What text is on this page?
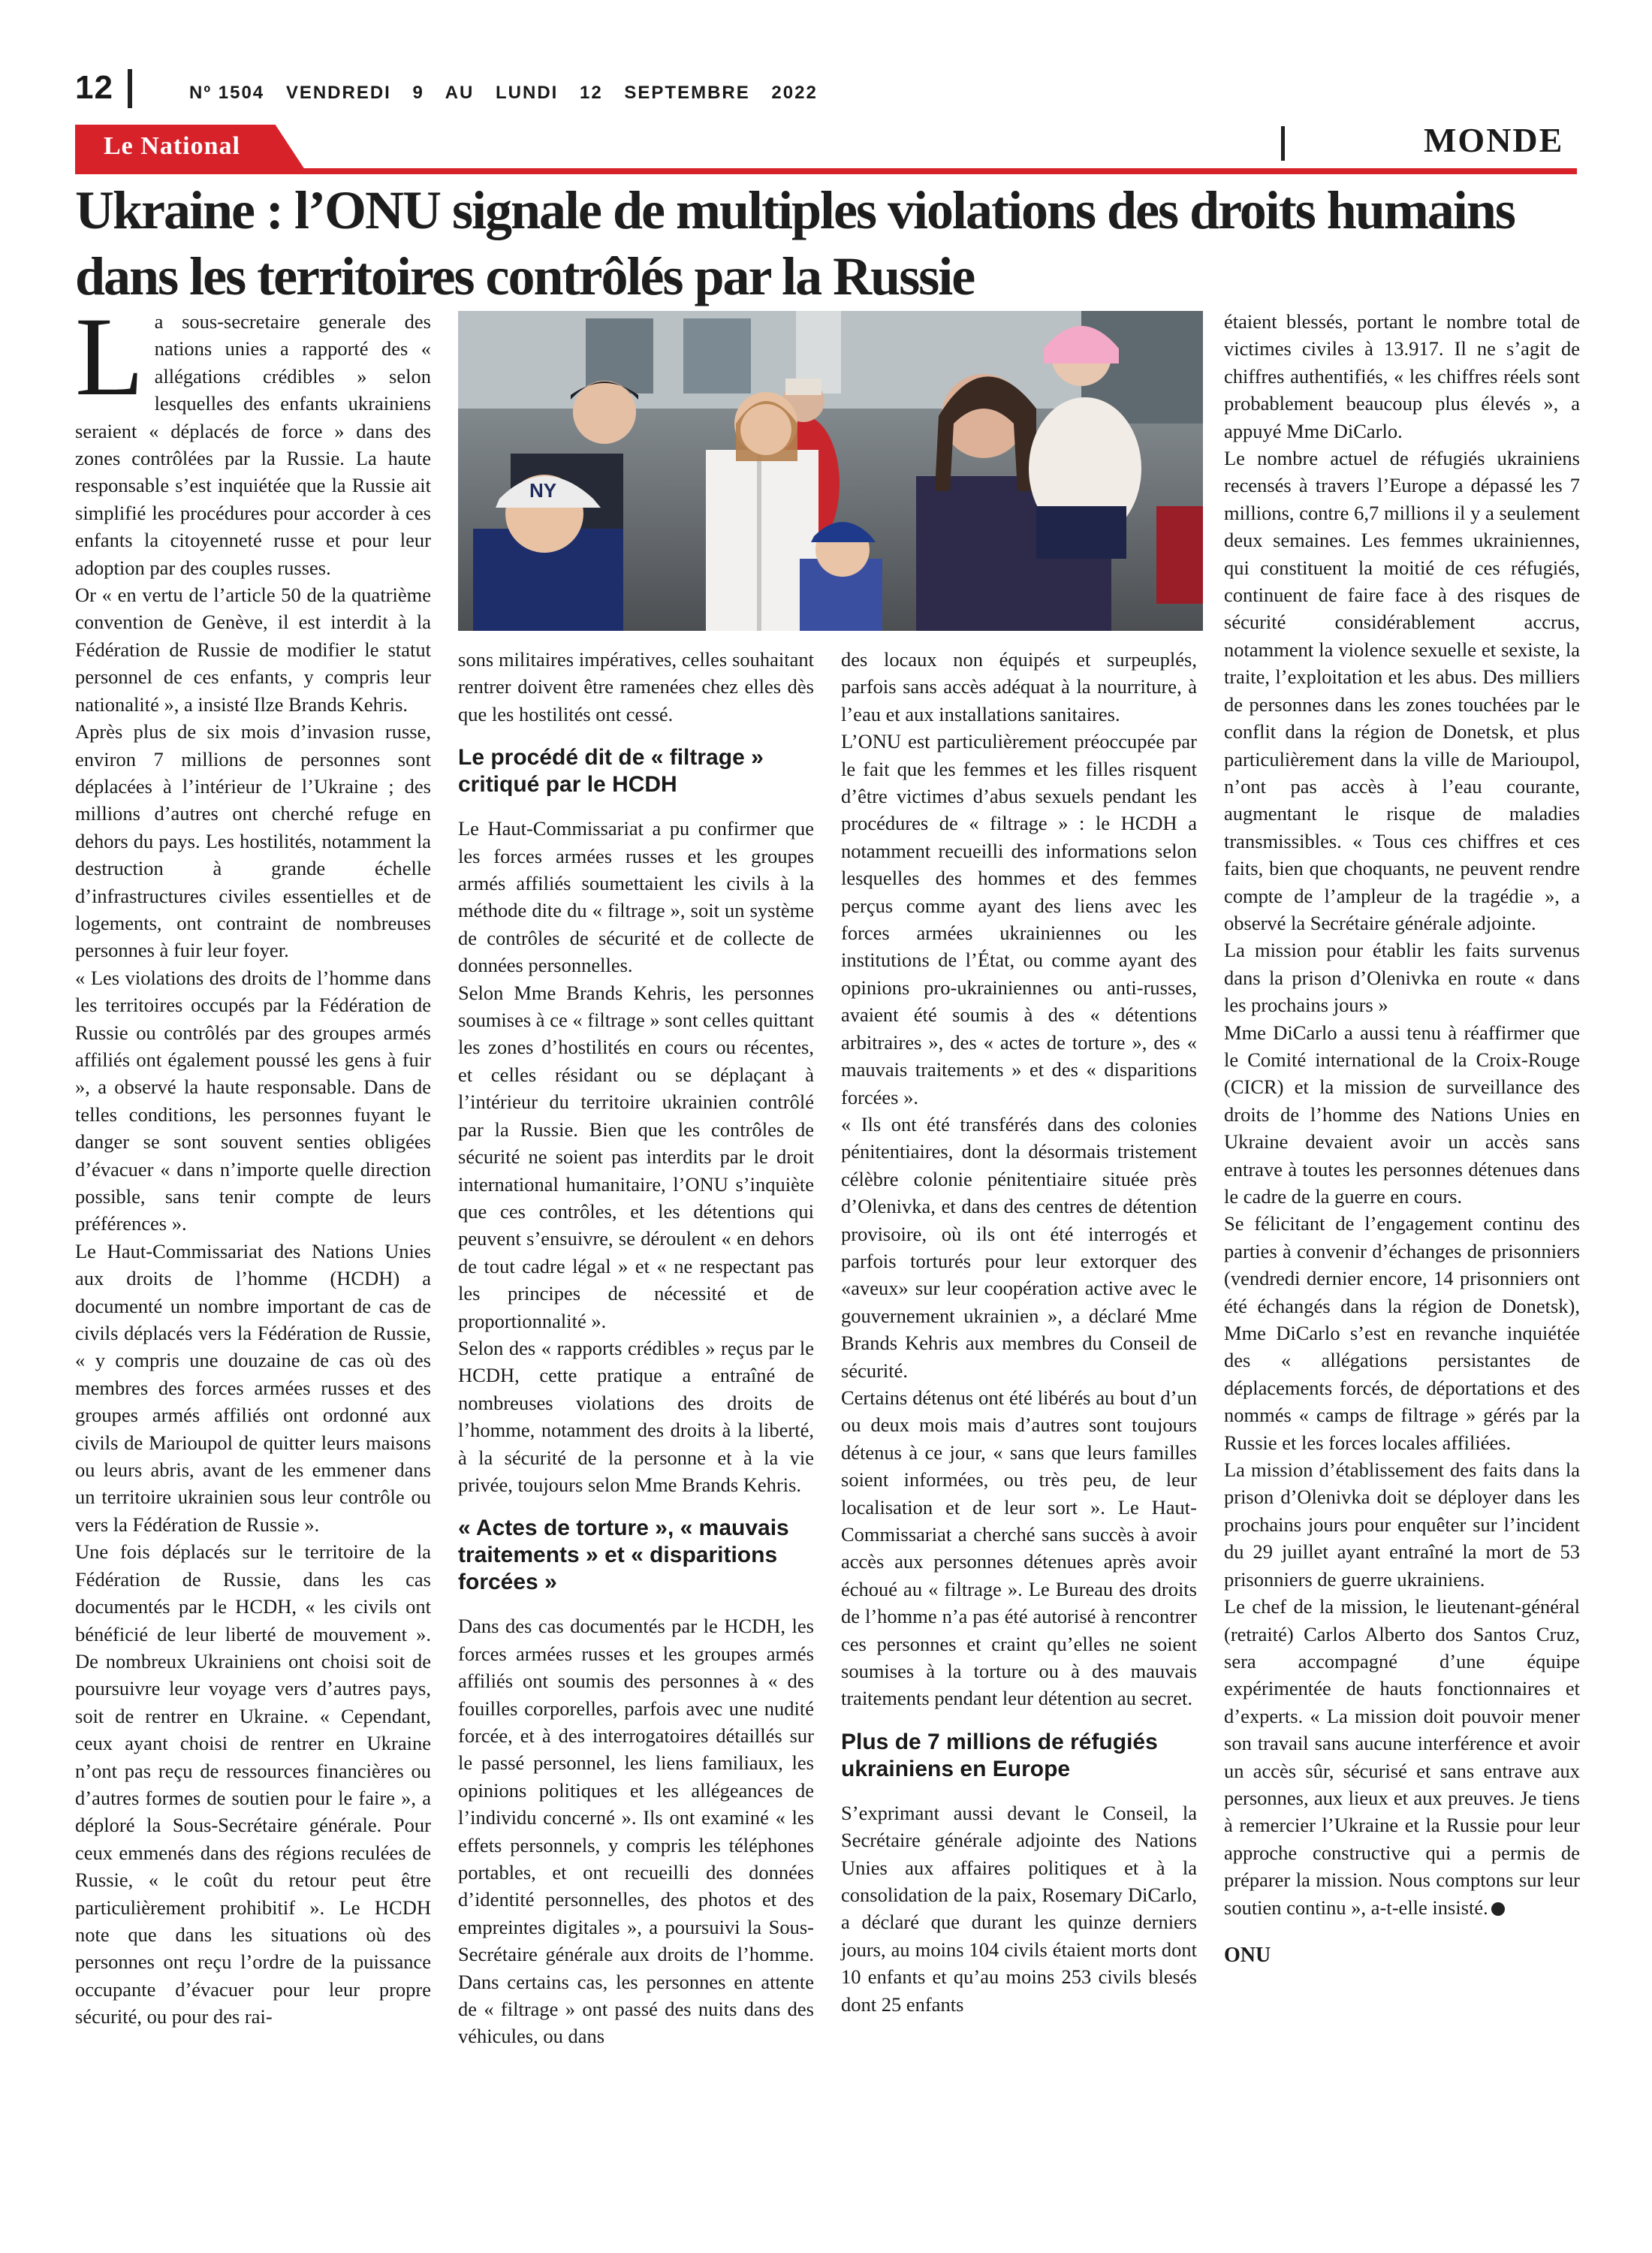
12	Nº 1504 VENDREDI 9 AU LUNDI 12 SEPTEMBRE 2022
Le National	MONDE
Ukraine : l’ONU signale de multiples violations des droits humains dans les territoires contrôlés par la Russie
NY

La sous-secretaire generale des nations unies a rapporté des « allégations crédibles » selon lesquelles des enfants ukrainiens seraient « déplacés de force » dans des zones contrôlées par la Russie. La haute responsable s’est inquiétée que la Russie ait simplifié les procédures pour accorder à ces enfants la citoyenneté russe et pour leur adoption par des couples russes.

Or « en vertu de l’article 50 de la quatrième convention de Genève, il est interdit à la Fédération de Russie de modifier le statut personnel de ces enfants, y compris leur nationalité », a insisté Ilze Brands Kehris.

Après plus de six mois d’invasion russe, environ 7 millions de personnes sont déplacées à l’intérieur de l’Ukraine ; des millions d’autres ont cherché refuge en dehors du pays. Les hostilités, notamment la destruction à grande échelle d’infrastructures civiles essentielles et de logements, ont contraint de nombreuses personnes à fuir leur foyer.

« Les violations des droits de l’homme dans les territoires occupés par la Fédération de Russie ou contrôlés par des groupes armés affiliés ont également poussé les gens à fuir », a observé la haute responsable. Dans de telles conditions, les personnes fuyant le danger se sont souvent senties obligées d’évacuer « dans n’importe quelle direction possible, sans tenir compte de leurs préférences ».

Le Haut-Commissariat des Nations Unies aux droits de l’homme (HCDH) a documenté un nombre important de cas de civils déplacés vers la Fédération de Russie, « y compris une douzaine de cas où des membres des forces armées russes et des groupes armés affiliés ont ordonné aux civils de Marioupol de quitter leurs maisons ou leurs abris, avant de les emmener dans un territoire ukrainien sous leur contrôle ou vers la Fédération de Russie ».

Une fois déplacés sur le territoire de la Fédération de Russie, dans les cas documentés par le HCDH, « les civils ont bénéficié de leur liberté de mouvement ». De nombreux Ukrainiens ont choisi soit de poursuivre leur voyage vers d’autres pays, soit de rentrer en Ukraine. « Cependant, ceux ayant choisi de rentrer en Ukraine n’ont pas reçu de ressources financières ou d’autres formes de soutien pour le faire », a déploré la Sous-Secrétaire générale. Pour ceux emmenés dans des régions reculées de Russie, « le coût du retour peut être particulièrement prohibitif ». Le HCDH note que dans les situations où des personnes ont reçu l’ordre de la puissance occupante d’évacuer pour leur propre sécurité, ou pour des rai-

sons militaires impératives, celles souhaitant rentrer doivent être ramenées chez elles dès que les hostilités ont cessé.

Le procédé dit de « filtrage » critiqué par le HCDH

Le Haut-Commissariat a pu confirmer que les forces armées russes et les groupes armés affiliés soumettaient les civils à la méthode dite du « filtrage », soit un système de contrôles de sécurité et de collecte de données personnelles.

Selon Mme Brands Kehris, les personnes soumises à ce « filtrage » sont celles quittant les zones d’hostilités en cours ou récentes, et celles résidant ou se déplaçant à l’intérieur du territoire ukrainien contrôlé par la Russie. Bien que les contrôles de sécurité ne soient pas interdits par le droit international humanitaire, l’ONU s’inquiète que ces contrôles, et les détentions qui peuvent s’ensuivre, se déroulent « en dehors de tout cadre légal » et « ne respectant pas les principes de nécessité et de proportionnalité ».

Selon des « rapports crédibles » reçus par le HCDH, cette pratique a entraîné de nombreuses violations des droits de l’homme, notamment des droits à la liberté, à la sécurité de la personne et à la vie privée, toujours selon Mme Brands Kehris.

« Actes de torture », « mauvais traitements » et « disparitions forcées »

Dans des cas documentés par le HCDH, les forces armées russes et les groupes armés affiliés ont soumis des personnes à « des fouilles corporelles, parfois avec une nudité forcée, et à des interrogatoires détaillés sur le passé personnel, les liens familiaux, les opinions politiques et les allégeances de l’individu concerné ». Ils ont examiné « les effets personnels, y compris les téléphones portables, et ont recueilli des données d’identité personnelles, des photos et des empreintes digitales », a poursuivi la Sous-Secrétaire générale aux droits de l’homme. Dans certains cas, les personnes en attente de « filtrage » ont passé des nuits dans des véhicules, ou dans

des locaux non équipés et surpeuplés, parfois sans accès adéquat à la nourriture, à l’eau et aux installations sanitaires.

L’ONU est particulièrement préoccupée par le fait que les femmes et les filles risquent d’être victimes d’abus sexuels pendant les procédures de « filtrage » : le HCDH a notamment recueilli des informations selon lesquelles des hommes et des femmes perçus comme ayant des liens avec les forces armées ukrainiennes ou les institutions de l’État, ou comme ayant des opinions pro-ukrainiennes ou anti-russes, avaient été soumis à des « détentions arbitraires », des « actes de torture », des « mauvais traitements » et des « disparitions forcées ».

« Ils ont été transférés dans des colonies pénitentiaires, dont la désormais tristement célèbre colonie pénitentiaire située près d’Olenivka, et dans des centres de détention provisoire, où ils ont été interrogés et parfois torturés pour leur extorquer des «aveux» sur leur coopération active avec le gouvernement ukrainien », a déclaré Mme Brands Kehris aux membres du Conseil de sécurité.

Certains détenus ont été libérés au bout d’un ou deux mois mais d’autres sont toujours détenus à ce jour, « sans que leurs familles soient informées, ou très peu, de leur localisation et de leur sort ». Le Haut-Commissariat a cherché sans succès à avoir accès aux personnes détenues après avoir échoué au « filtrage ». Le Bureau des droits de l’homme n’a pas été autorisé à rencontrer ces personnes et craint qu’elles ne soient soumises à la torture ou à des mauvais traitements pendant leur détention au secret.

Plus de 7 millions de réfugiés ukrainiens en Europe

S’exprimant aussi devant le Conseil, la Secrétaire générale adjointe des Nations Unies aux affaires politiques et à la consolidation de la paix, Rosemary DiCarlo, a déclaré que durant les quinze derniers jours, au moins 104 civils étaient morts dont 10 enfants et qu’au moins 253 civils blesés dont 25 enfants

étaient blessés, portant le nombre total de victimes civiles à 13.917. Il ne s’agit de chiffres authentifiés, « les chiffres réels sont probablement beaucoup plus élevés », a appuyé Mme DiCarlo.

Le nombre actuel de réfugiés ukrainiens recensés à travers l’Europe a dépassé les 7 millions, contre 6,7 millions il y a seulement deux semaines. Les femmes ukrainiennes, qui constituent la moitié de ces réfugiés, continuent de faire face à des risques de sécurité considérablement accrus, notamment la violence sexuelle et sexiste, la traite, l’exploitation et les abus. Des milliers de personnes dans les zones touchées par le conflit dans la région de Donetsk, et plus particulièrement dans la ville de Marioupol, n’ont pas accès à l’eau courante, augmentant le risque de maladies transmissibles. « Tous ces chiffres et ces faits, bien que choquants, ne peuvent rendre compte de l’ampleur de la tragédie », a observé la Secrétaire générale adjointe.

La mission pour établir les faits survenus dans la prison d’Olenivka en route « dans les prochains jours »

Mme DiCarlo a aussi tenu à réaffirmer que le Comité international de la Croix-Rouge (CICR) et la mission de surveillance des droits de l’homme des Nations Unies en Ukraine devaient avoir un accès sans entrave à toutes les personnes détenues dans le cadre de la guerre en cours.

Se félicitant de l’engagement continu des parties à convenir d’échanges de prisonniers (vendredi dernier encore, 14 prisonniers ont été échangés dans la région de Donetsk), Mme DiCarlo s’est en revanche inquiétée des « allégations persistantes de déplacements forcés, de déportations et des nommés « camps de filtrage » gérés par la Russie et les forces locales affiliées.

La mission d’établissement des faits dans la prison d’Olenivka doit se déployer dans les prochains jours pour enquêter sur l’incident du 29 juillet ayant entraîné la mort de 53 prisonniers de guerre ukrainiens.

Le chef de la mission, le lieutenant-général (retraité) Carlos Alberto dos Santos Cruz, sera accompagné d’une équipe expérimentée de hauts fonctionnaires et d’experts. « La mission doit pouvoir mener son travail sans aucune interférence et avoir un accès sûr, sécurisé et sans entrave aux personnes, aux lieux et aux preuves. Je tiens à remercier l’Ukraine et la Russie pour leur approche constructive qui a permis de préparer la mission. Nous comptons sur leur soutien continu », a-t-elle insisté.

ONU
